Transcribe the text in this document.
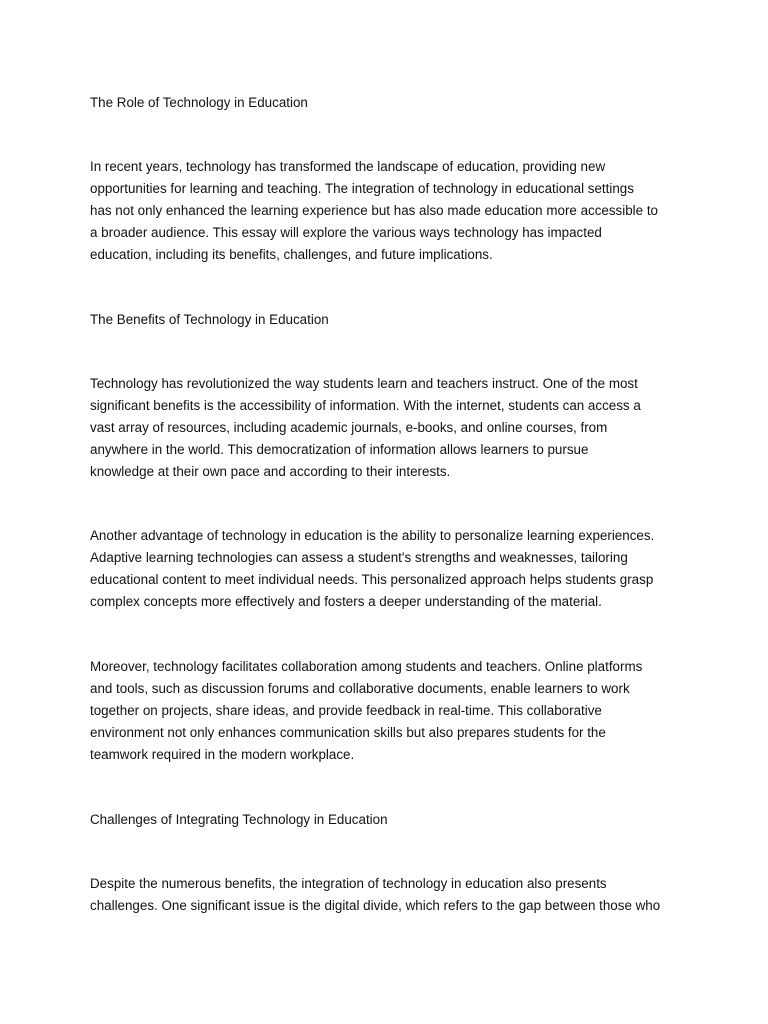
The Role of Technology in Education

In recent years, technology has transformed the landscape of education, providing new
opportunities for learning and teaching. The integration of technology in educational settings
has not only enhanced the learning experience but has also made education more accessible to
a broader audience. This essay will explore the various ways technology has impacted
education, including its benefits, challenges, and future implications.

The Benefits of Technology in Education

Technology has revolutionized the way students learn and teachers instruct. One of the most
significant benefits is the accessibility of information. With the internet, students can access a
vast array of resources, including academic journals, e-books, and online courses, from
anywhere in the world. This democratization of information allows learners to pursue
knowledge at their own pace and according to their interests.

Another advantage of technology in education is the ability to personalize learning experiences.
Adaptive learning technologies can assess a student's strengths and weaknesses, tailoring
educational content to meet individual needs. This personalized approach helps students grasp
complex concepts more effectively and fosters a deeper understanding of the material.

Moreover, technology facilitates collaboration among students and teachers. Online platforms
and tools, such as discussion forums and collaborative documents, enable learners to work
together on projects, share ideas, and provide feedback in real-time. This collaborative
environment not only enhances communication skills but also prepares students for the
teamwork required in the modern workplace.

Challenges of Integrating Technology in Education

Despite the numerous benefits, the integration of technology in education also presents
challenges. One significant issue is the digital divide, which refers to the gap between those who
